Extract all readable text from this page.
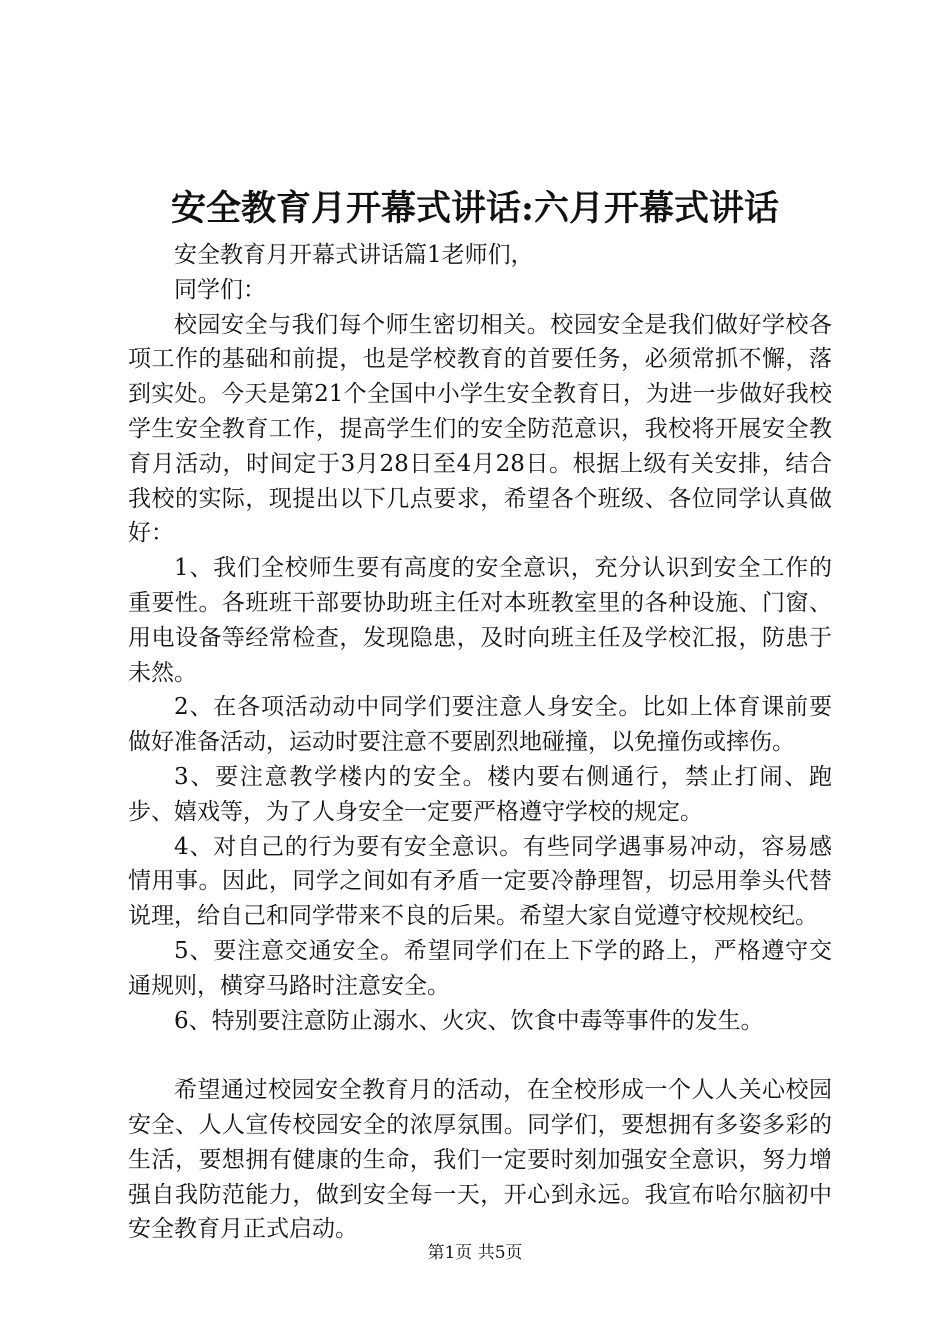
安全教育月开幕式讲话:六月开幕式讲话

安全教育月开幕式讲话篇1老师们，

同学们：

校园安全与我们每个师生密切相关。校园安全是我们做好学校各项工作的基础和前提，也是学校教育的首要任务，必须常抓不懈，落到实处。今天是第21个全国中小学生安全教育日，为进一步做好我校学生安全教育工作，提高学生们的安全防范意识，我校将开展安全教育月活动，时间定于3月28日至4月28日。根据上级有关安排，结合我校的实际，现提出以下几点要求，希望各个班级、各位同学认真做好：

1、我们全校师生要有高度的安全意识，充分认识到安全工作的重要性。各班班干部要协助班主任对本班教室里的各种设施、门窗、用电设备等经常检查，发现隐患，及时向班主任及学校汇报，防患于未然。

2、在各项活动动中同学们要注意人身安全。比如上体育课前要做好准备活动，运动时要注意不要剧烈地碰撞，以免撞伤或摔伤。

3、要注意教学楼内的安全。楼内要右侧通行，禁止打闹、跑步、嬉戏等，为了人身安全一定要严格遵守学校的规定。

4、对自己的行为要有安全意识。有些同学遇事易冲动，容易感情用事。因此，同学之间如有矛盾一定要冷静理智，切忌用拳头代替说理，给自己和同学带来不良的后果。希望大家自觉遵守校规校纪。

5、要注意交通安全。希望同学们在上下学的路上，严格遵守交通规则，横穿马路时注意安全。

6、特别要注意防止溺水、火灾、饮食中毒等事件的发生。

希望通过校园安全教育月的活动，在全校形成一个人人关心校园安全、人人宣传校园安全的浓厚氛围。同学们，要想拥有多姿多彩的生活，要想拥有健康的生命，我们一定要时刻加强安全意识，努力增强自我防范能力，做到安全每一天，开心到永远。我宣布哈尔脑初中安全教育月正式启动。

第1页 共5页
